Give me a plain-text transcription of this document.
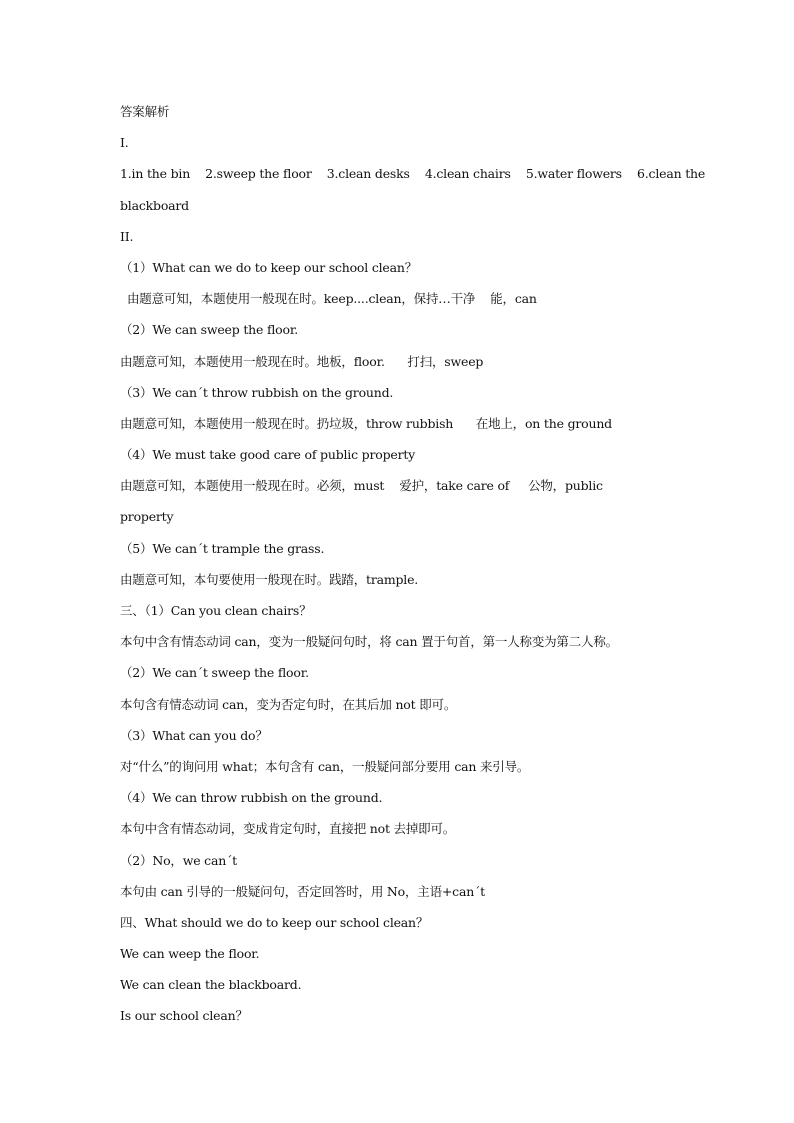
答案解析
I.
1.in the bin    2.sweep the floor    3.clean desks    4.clean chairs    5.water flowers    6.clean the
blackboard
II.
（1）What can we do to keep our school clean？
由题意可知，本题使用一般现在时。keep....clean，保持…干净    能，can
（2）We can sweep the floor.
由题意可知，本题使用一般现在时。地板，floor.      打扫，sweep
（3）We can´t throw rubbish on the ground.
由题意可知，本题使用一般现在时。扔垃圾，throw rubbish      在地上，on the ground
（4）We must take good care of public property
由题意可知，本题使用一般现在时。必须，must    爱护，take care of     公物，public
property
（5）We can´t trample the grass.
由题意可知，本句要使用一般现在时。践踏，trample.
三、（1）Can you clean chairs？
本句中含有情态动词 can，变为一般疑问句时，将 can 置于句首，第一人称变为第二人称。
（2）We can´t sweep the floor.
本句含有情态动词 can，变为否定句时，在其后加 not 即可。
（3）What can you do？
对“什么”的询问用 what；本句含有 can，一般疑问部分要用 can 来引导。
（4）We can throw rubbish on the ground.
本句中含有情态动词，变成肯定句时，直接把 not 去掉即可。
（2）No，we can´t
本句由 can 引导的一般疑问句，否定回答时，用 No，主语+can´t
四、What should we do to keep our school clean？
We can weep the floor.
We can clean the blackboard.
Is our school clean？
